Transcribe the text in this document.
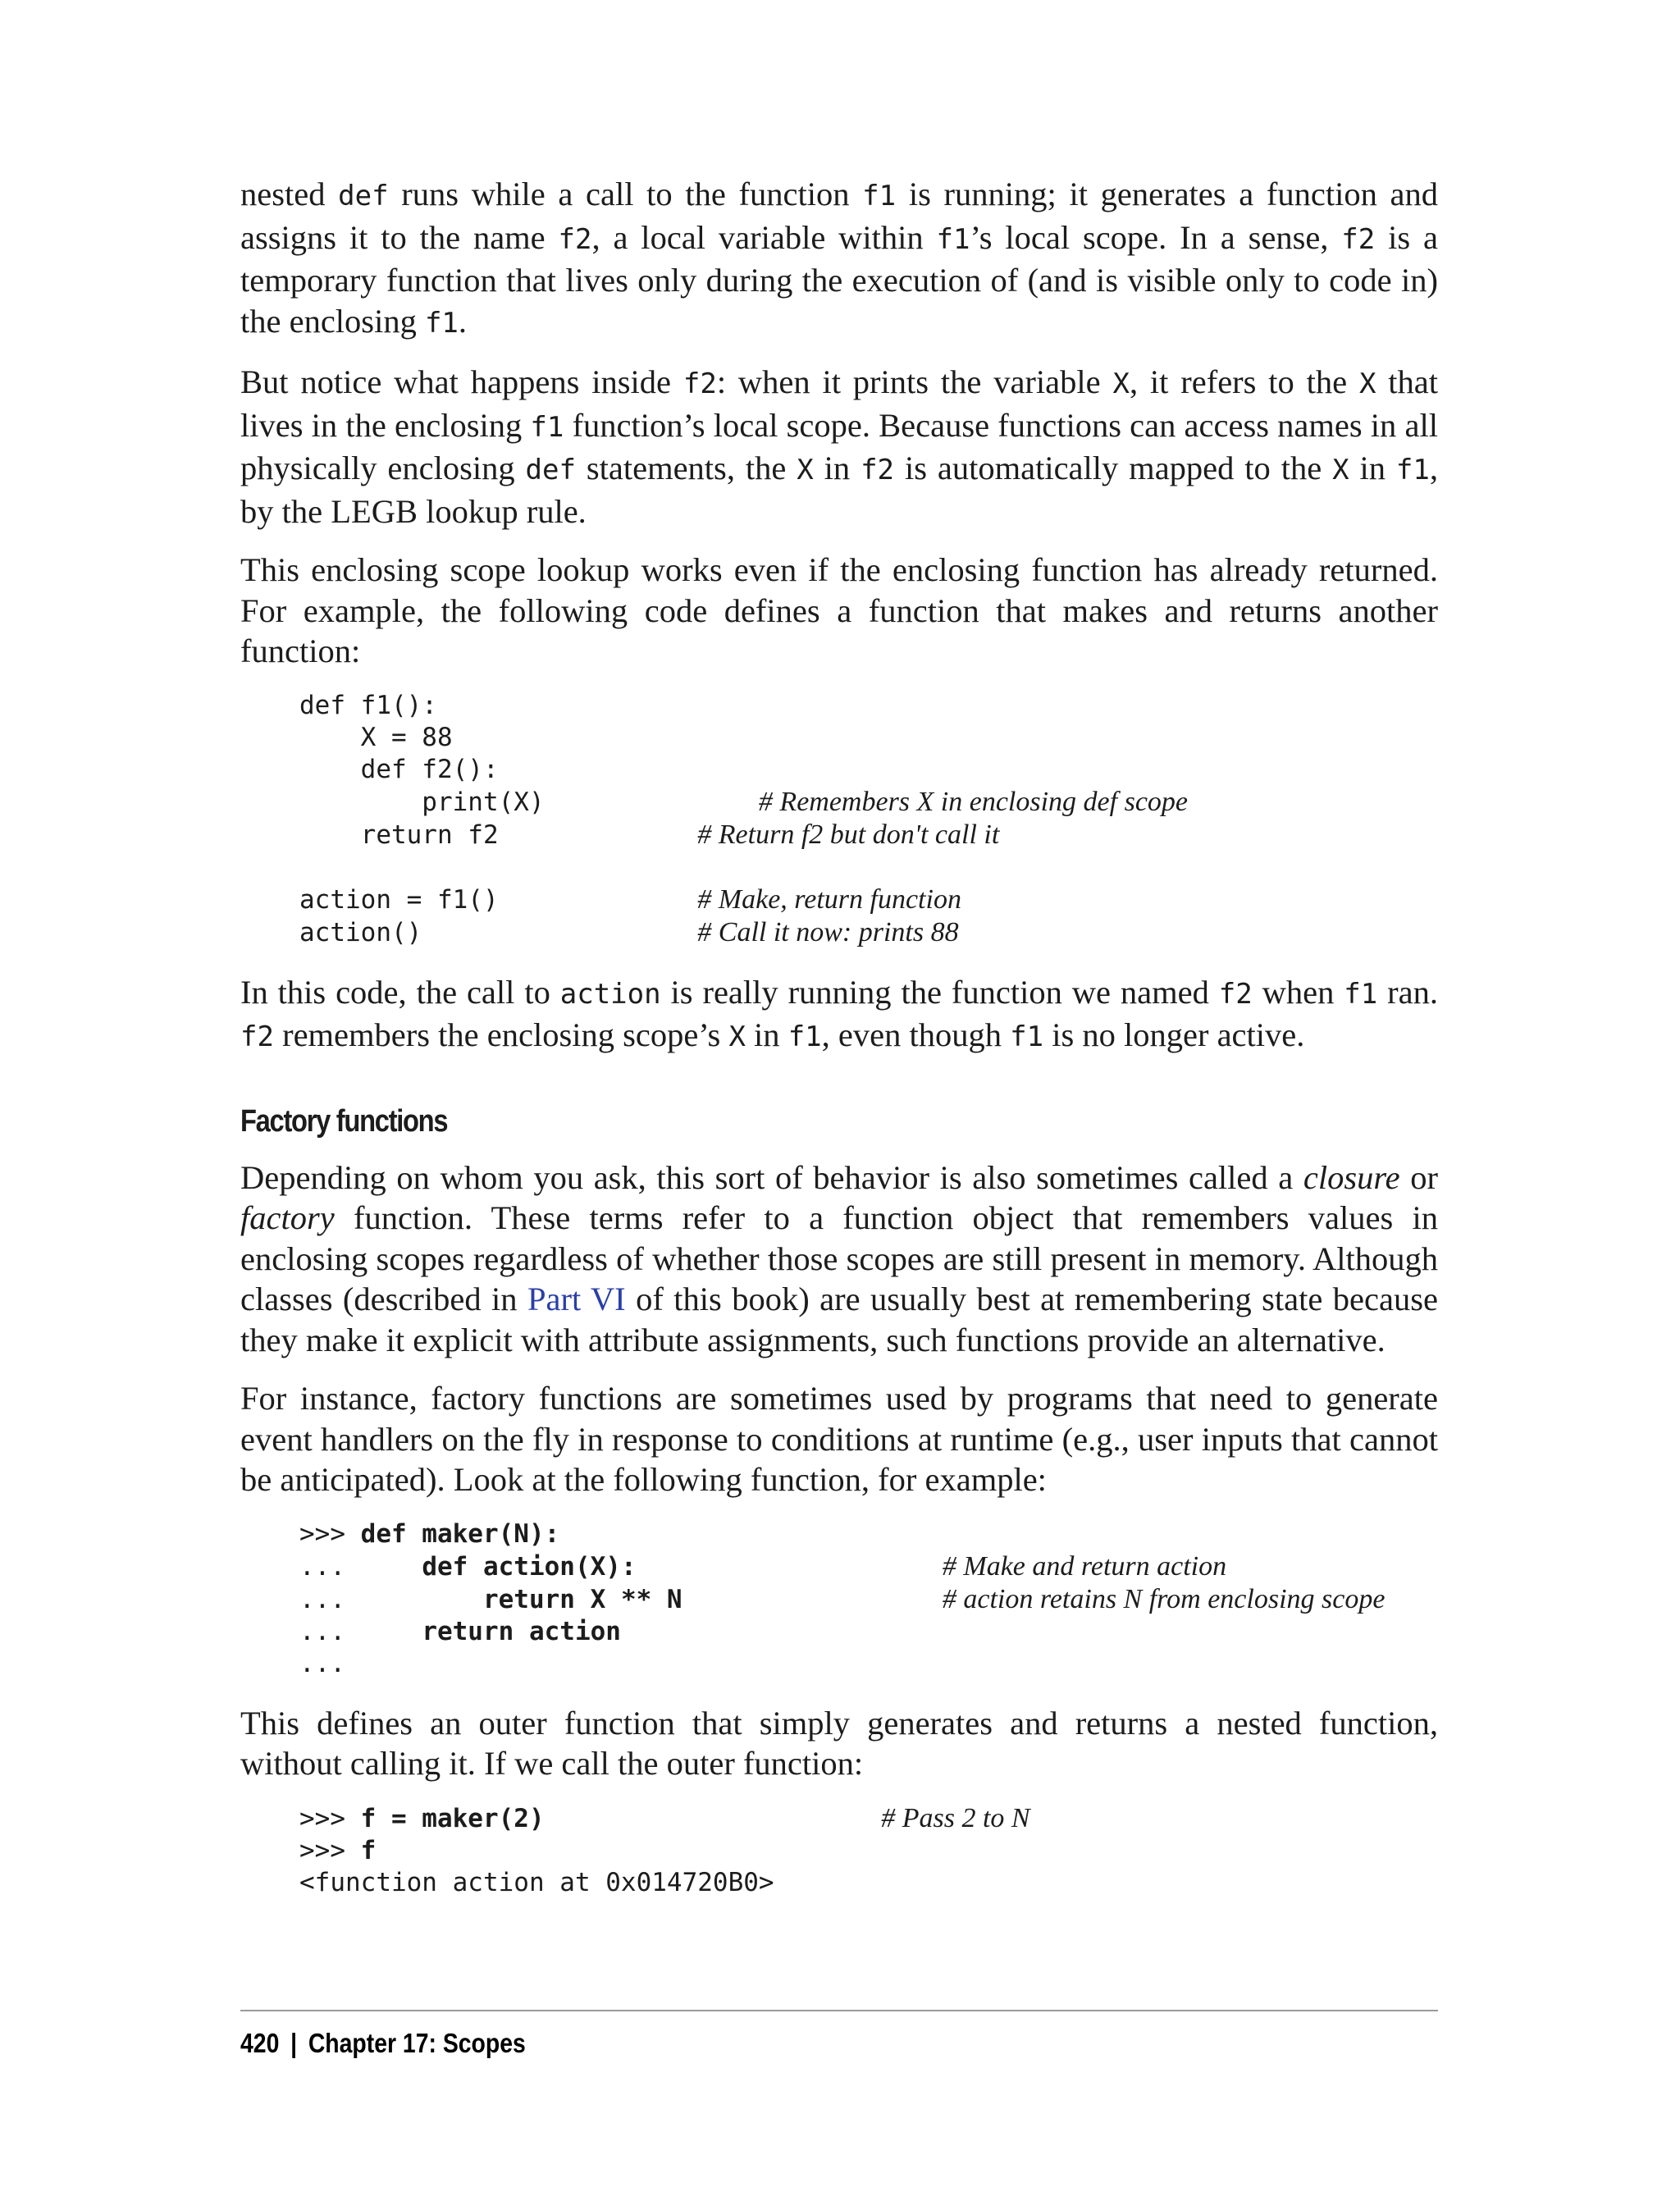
nested def runs while a call to the function f1 is running; it generates a function and assigns it to the name f2, a local variable within f1’s local scope. In a sense, f2 is a temporary function that lives only during the execution of (and is visible only to code in) the enclosing f1.

But notice what happens inside f2: when it prints the variable X, it refers to the X that lives in the enclosing f1 function’s local scope. Because functions can access names in all physically enclosing def statements, the X in f2 is automatically mapped to the X in f1, by the LEGB lookup rule.

This enclosing scope lookup works even if the enclosing function has already returned. For example, the following code defines a function that makes and returns another function:

def f1():
X = 88
def f2():
print(X)	# Remembers X in enclosing def scope
return f2	# Return f2 but don't call it

action = f1()	# Make, return function
action()	# Call it now: prints 88

In this code, the call to action is really running the function we named f2 when f1 ran. f2 remembers the enclosing scope’s X in f1, even though f1 is no longer active.

Factory functions

Depending on whom you ask, this sort of behavior is also sometimes called a closure or factory function. These terms refer to a function object that remembers values in enclosing scopes regardless of whether those scopes are still present in memory. Although classes (described in Part VI of this book) are usually best at remembering state because they make it explicit with attribute assignments, such functions provide an alternative.

For instance, factory functions are sometimes used by programs that need to generate event handlers on the fly in response to conditions at runtime (e.g., user inputs that cannot be anticipated). Look at the following function, for example:

>>> def maker(N):
...     def action(X):	# Make and return action
...         return X ** N	# action retains N from enclosing scope
...     return action
...

This defines an outer function that simply generates and returns a nested function, without calling it. If we call the outer function:

>>> f = maker(2)	# Pass 2 to N
>>> f
<function action at 0x014720B0>
420 | Chapter 17: Scopes
